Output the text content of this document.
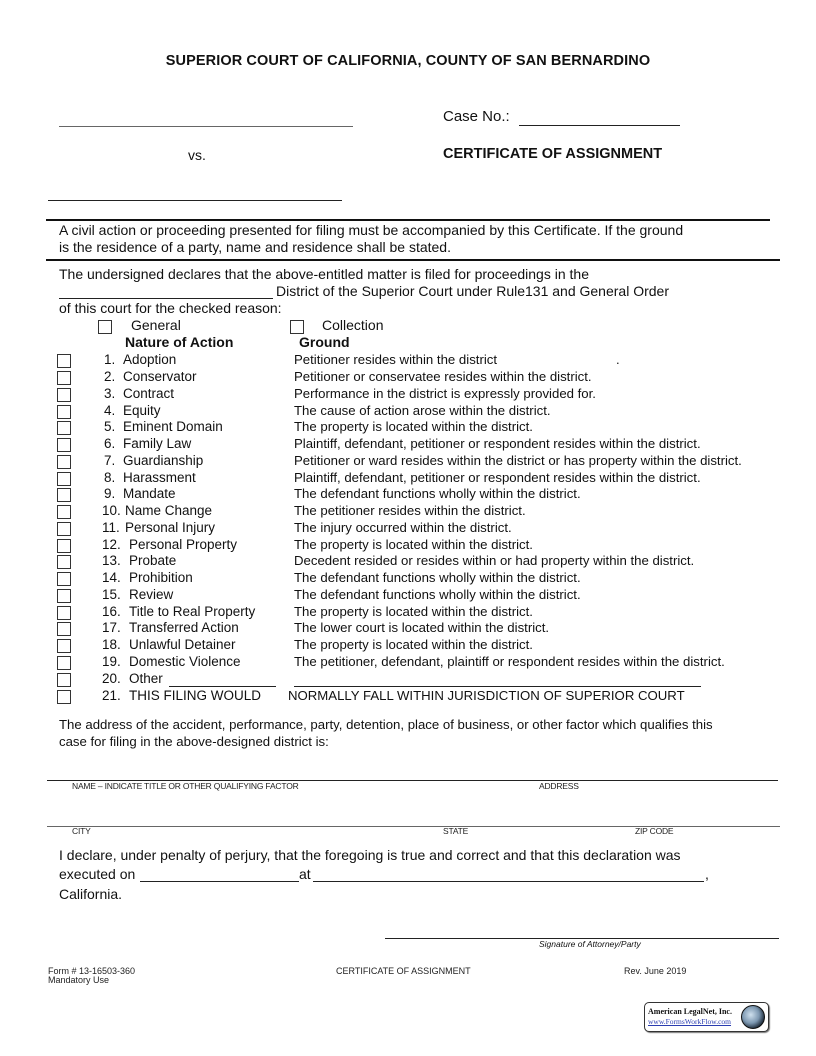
SUPERIOR COURT OF CALIFORNIA, COUNTY OF SAN BERNARDINO
vs.
Case No.:
CERTIFICATE OF ASSIGNMENT
A civil action or proceeding presented for filing must be accompanied by this Certificate. If the ground
is the residence of a party, name and residence shall be stated.
The undersigned declares that the above-entitled matter is filed for proceedings in the
District of the Superior Court under Rule131 and General Order
of this court for the checked reason:
General	Collection
Nature of Action	Ground
1. Adoption	Petitioner resides within the district	.
2. Conservator	Petitioner or conservatee resides within the district.
3. Contract	Performance in the district is expressly provided for.
4. Equity	The cause of action arose within the district.
5. Eminent Domain	The property is located within the district.
6. Family Law	Plaintiff, defendant, petitioner or respondent resides within the district.
7. Guardianship	Petitioner or ward resides within the district or has property within the district.
8. Harassment	Plaintiff, defendant, petitioner or respondent resides within the district.
9. Mandate	The defendant functions wholly within the district.
10. Name Change	The petitioner resides within the district.
11. Personal Injury	The injury occurred within the district.
12. Personal Property	The property is located within the district.
13. Probate	Decedent resided or resides within or had property within the district.
14. Prohibition	The defendant functions wholly within the district.
15. Review	The defendant functions wholly within the district.
16. Title to Real Property	The property is located within the district.
17. Transferred Action	The lower court is located within the district.
18. Unlawful Detainer	The property is located within the district.
19. Domestic Violence	The petitioner, defendant, plaintiff or respondent resides within the district.
20. Other
21. THIS FILING WOULD NORMALLY FALL WITHIN JURISDICTION OF SUPERIOR COURT
The address of the accident, performance, party, detention, place of business, or other factor which qualifies this
case for filing in the above-designed district is:
NAME – INDICATE TITLE OR OTHER QUALIFYING FACTOR	ADDRESS
CITY	STATE	ZIP CODE
I declare, under penalty of perjury, that the foregoing is true and correct and that this declaration was
executed on	at	,
California.
Signature of Attorney/Party
Form # 13-16503-360
Mandatory Use
CERTIFICATE OF ASSIGNMENT	Rev. June 2019
American LegalNet, Inc.
www.FormsWorkFlow.com
